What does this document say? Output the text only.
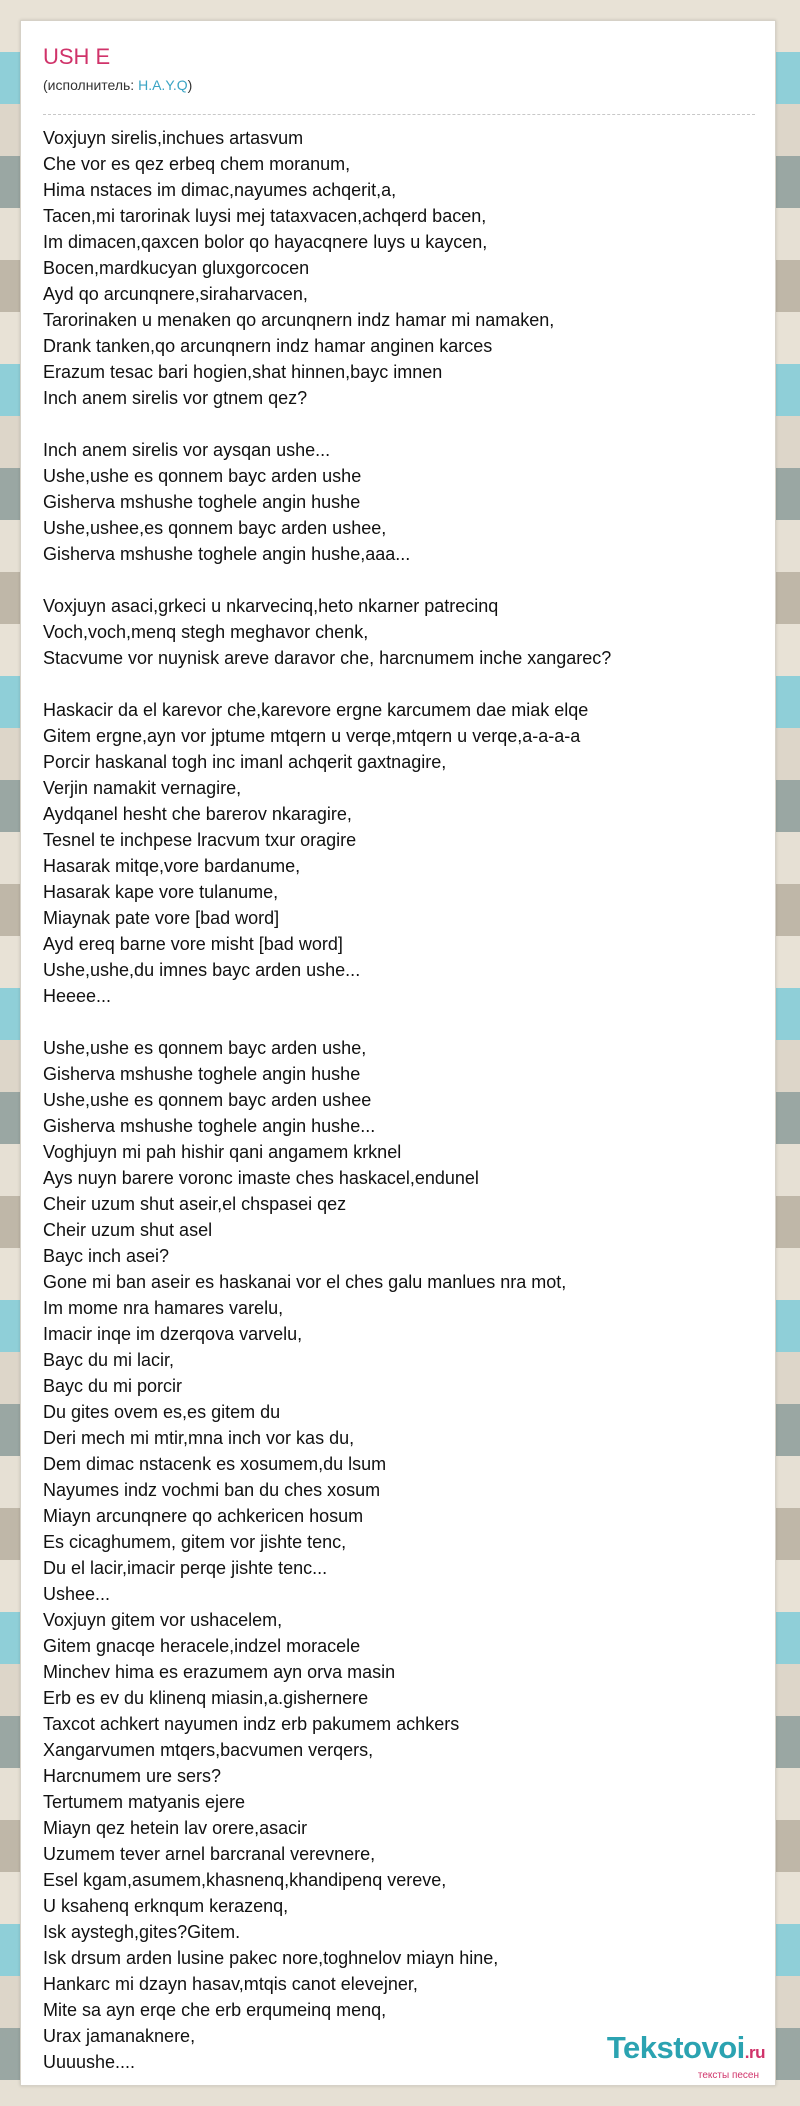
USH E
(исполнитель: H.A.Y.Q)
Voxjuyn sirelis,inchues artasvum
Che vor es qez erbeq chem moranum,
Hima nstaces im dimac,nayumes achqerit,a,
Tacen,mi tarorinak luysi mej tataxvacen,achqerd bacen,
Im dimacen,qaxcen bolor qo hayacqnere luys u kaycen,
Bocen,mardkucyan gluxgorcocen
Ayd qo arcunqnere,siraharvacen,
Tarorinaken u menaken qo arcunqnern indz hamar mi namaken,
Drank tanken,qo arcunqnern indz hamar anginen karces
Erazum tesac bari hogien,shat hinnen,bayc imnen
Inch anem sirelis vor gtnem qez?
Inch anem sirelis vor aysqan ushe...
Ushe,ushe es qonnem bayc arden ushe
Gisherva mshushe toghele angin hushe
Ushe,ushee,es qonnem bayc arden ushee,
Gisherva mshushe toghele angin hushe,aaa...
Voxjuyn asaci,grkeci u nkarvecinq,heto nkarner patrecinq
Voch,voch,menq stegh meghavor chenk,
Stacvume vor nuynisk areve daravor che, harcnumem inche xangarec?
Haskacir da el karevor che,karevore ergne karcumem dae miak elqe
Gitem ergne,ayn vor jptume mtqern u verqe,mtqern u verqe,a-a-a-a
Porcir haskanal togh inc imanl achqerit gaxtnagire,
Verjin namakit vernagire,
Aydqanel hesht che barerov nkaragire,
Tesnel te inchpese lracvum txur oragire
Hasarak mitqe,vore bardanume,
Hasarak kape vore tulanume,
Miaynak pate vore [bad word]
Ayd ereq barne vore misht [bad word]
Ushe,ushe,du imnes bayc arden ushe...
Heeee...
Ushe,ushe es qonnem bayc arden ushe,
Gisherva mshushe toghele angin hushe
Ushe,ushe es qonnem bayc arden ushee
Gisherva mshushe toghele angin hushe...
Voghjuyn mi pah hishir qani angamem krknel
Ays nuyn barere voronc imaste ches haskacel,endunel
Cheir uzum shut aseir,el chspasei qez
Cheir uzum shut asel
Bayc inch asei?
Gone mi ban aseir es haskanai vor el ches galu manlues nra mot,
Im mome nra hamares varelu,
Imacir inqe im dzerqova varvelu,
Bayc du mi lacir,
Bayc du mi porcir
Du gites ovem es,es gitem du
Deri mech mi mtir,mna inch vor kas du,
Dem dimac nstacenk es xosumem,du lsum
Nayumes indz vochmi ban du ches xosum
Miayn arcunqnere qo achkericen hosum
Es cicaghumem, gitem vor jishte tenc,
Du el lacir,imacir perqe jishte tenc...
Ushee...
Voxjuyn gitem vor ushacelem,
Gitem gnacqe heracele,indzel moracele
Minchev hima es erazumem ayn orva masin
Erb es ev du klinenq miasin,a.gishernere
Taxcot achkert nayumen indz erb pakumem achkers
Xangarvumen mtqers,bacvumen verqers,
Harcnumem ure sers?
Tertumem matyanis ejere
Miayn qez hetein lav orere,asacir
Uzumem tever arnel barcranal verevnere,
Esel kgam,asumem,khasnenq,khandipenq vereve,
U ksahenq erknqum kerazenq,
Isk aystegh,gites?Gitem.
Isk drsum arden lusine pakec nore,toghnelov miayn hine,
Hankarc mi dzayn hasav,mtqis canot elevejner,
Mite sa ayn erqe che erb erqumeinq menq,
Urax jamanaknere,
Uuuushe....	Tekstovoi.ru
тексты песен
